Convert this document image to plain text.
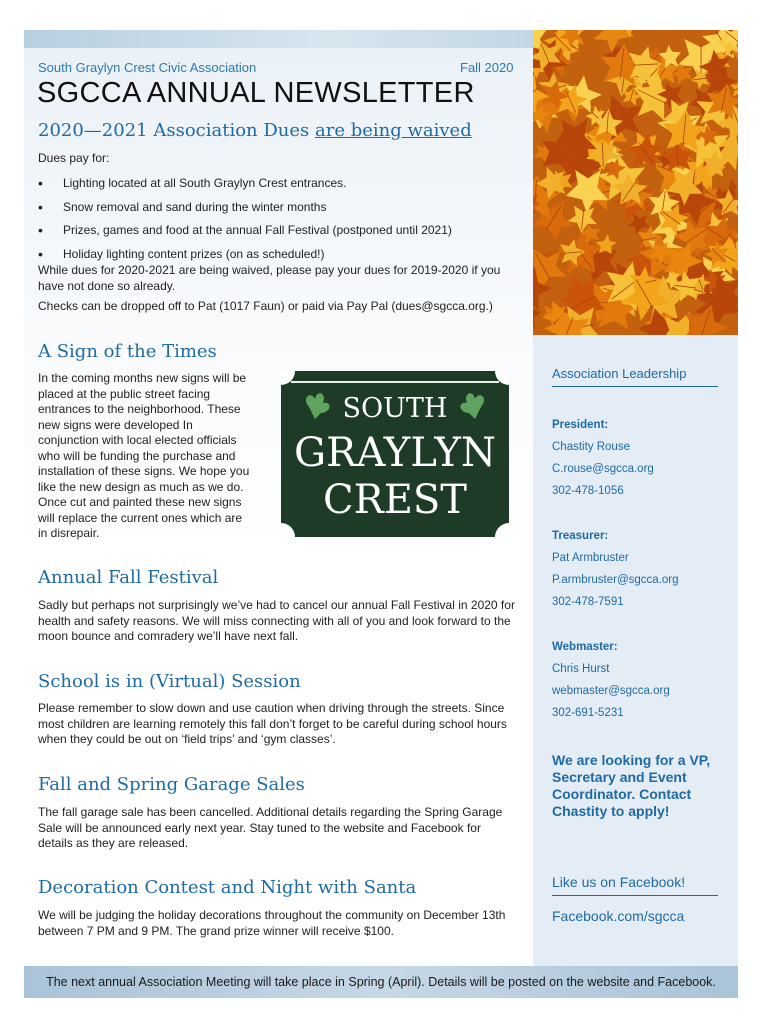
The next annual Association Meeting will take place in Spring (April). Details will be posted on the website and Facebook.
South Graylyn Crest Civic Association	Fall 2020
SGCCA ANNUAL NEWSLETTER
2020—2021 Association Dues are being waived
Dues pay for:
• Lighting located at all South Graylyn Crest entrances.
• Snow removal and sand during the winter months
• Prizes, games and food at the annual Fall Festival (postponed until 2021)
• Holiday lighting content prizes (on as scheduled!)

While dues for 2020-2021 are being waived, please pay your dues for 2019-2020 if you have not done so already.

Checks can be dropped off to Pat (1017 Faun) or paid via Pay Pal (dues@sgcca.org.)

A Sign of the Times

In the coming months new signs will be placed at the public street facing entrances to the neighborhood. These new signs were developed In conjunction with local elected officials who will be funding the purchase and installation of these signs. We hope you like the new design as much as we do. Once cut and painted these new signs will replace the current ones which are in disrepair.

SOUTH
GRAYLYN
CREST
Annual Fall Festival

Sadly but perhaps not surprisingly we’ve had to cancel our annual Fall Festival in 2020 for health and safety reasons. We will miss connecting with all of you and look forward to the moon bounce and comradery we’ll have next fall.

School is in (Virtual) Session

Please remember to slow down and use caution when driving through the streets. Since most children are learning remotely this fall don’t forget to be careful during school hours when they could be out on ‘field trips’ and ‘gym classes’.

Fall and Spring Garage Sales

The fall garage sale has been cancelled. Additional details regarding the Spring Garage Sale will be announced early next year. Stay tuned to the website and Facebook for details as they are released.

Decoration Contest and Night with Santa

We will be judging the holiday decorations throughout the community on December 13th between 7 PM and 9 PM. The grand prize winner will receive $100.

Association Leadership
President:
Chastity Rouse
C.rouse@sgcca.org
302-478-1056
Treasurer:
Pat Armbruster
P.armbruster@sgcca.org
302-478-7591
Webmaster:
Chris Hurst
webmaster@sgcca.org
302-691-5231
We are looking for a VP, Secretary and Event Coordinator. Contact Chastity to apply!
Like us on Facebook!
Facebook.com/sgcca
